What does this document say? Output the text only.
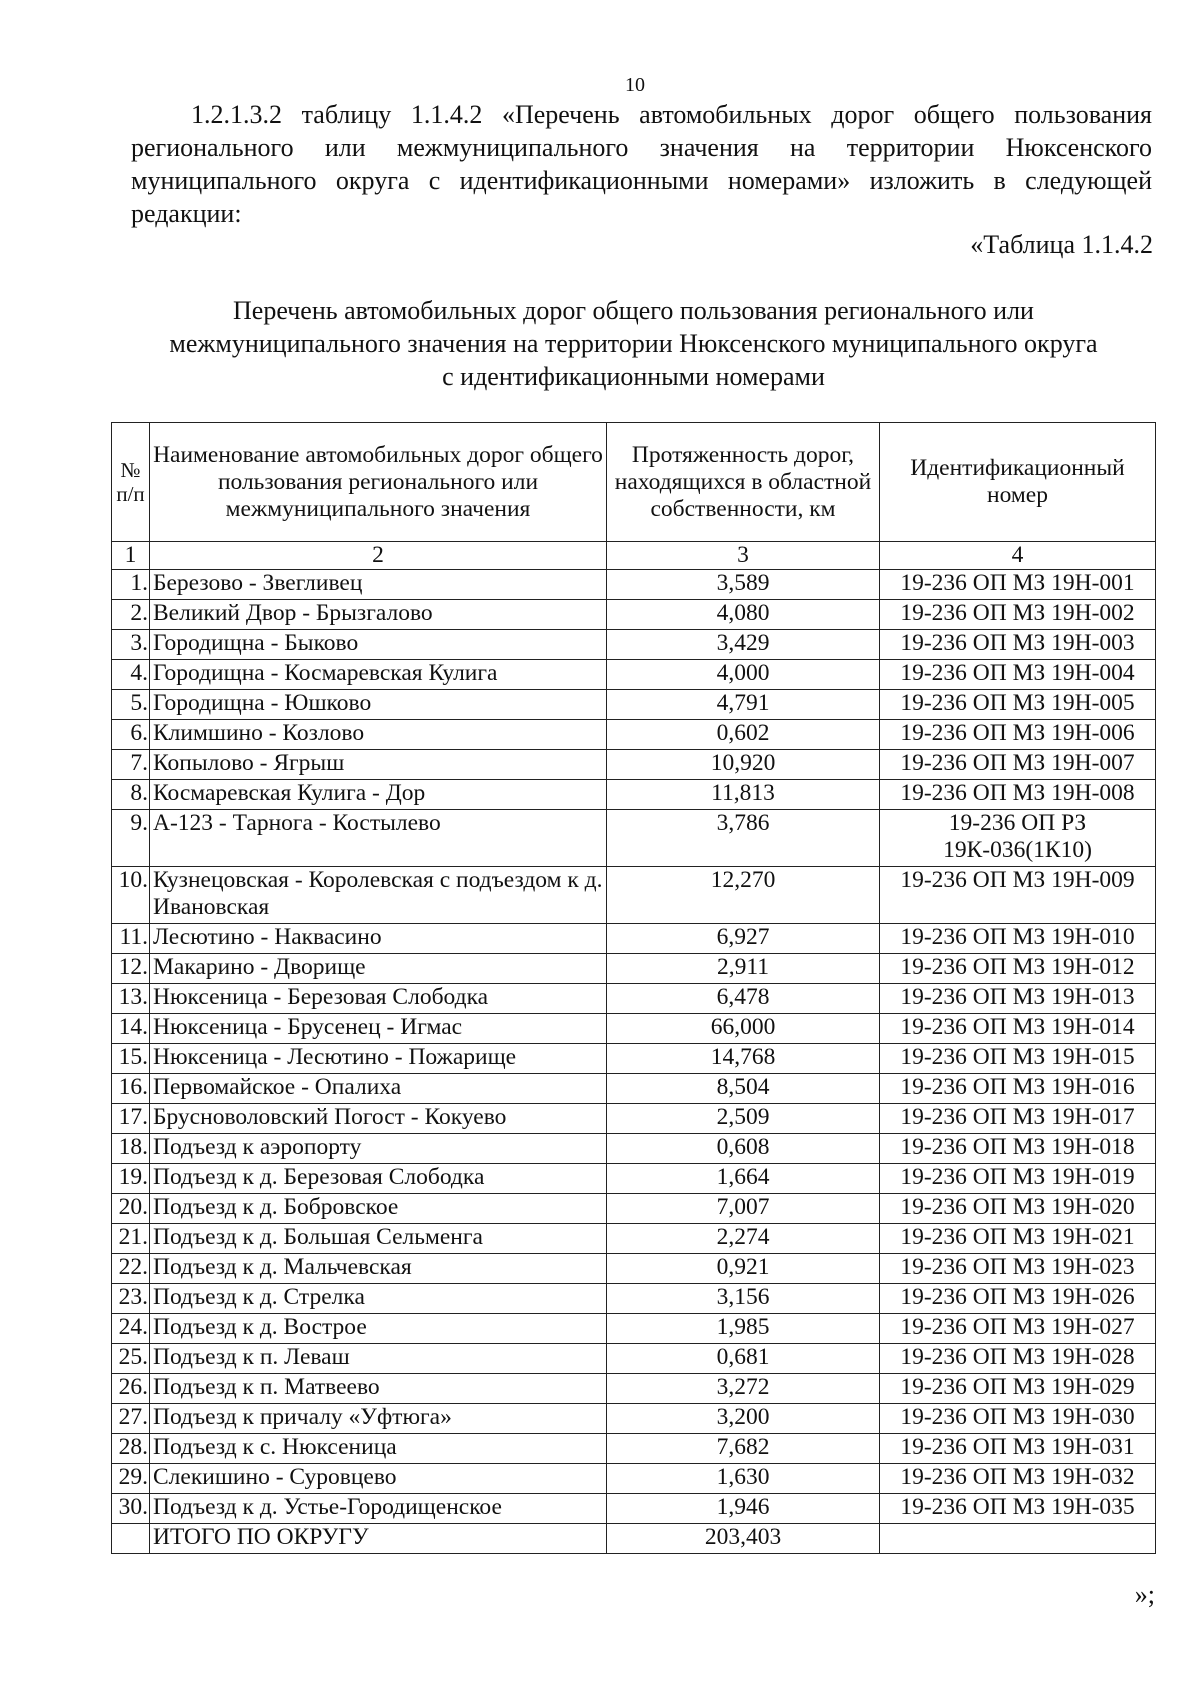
10
1.2.1.3.2 таблицу 1.1.4.2 «Перечень автомобильных дорог общего пользования регионального или межмуниципального значения на территории Нюксенского муниципального округа с идентификационными номерами» изложить в следующей редакции:
«Таблица 1.1.4.2
Перечень автомобильных дорог общего пользования регионального или
межмуниципального значения на территории Нюксенского муниципального округа
с идентификационными номерами
№ п/п	Наименование автомобильных дорог общего пользования регионального или межмуниципального значения	Протяженность дорог, находящихся в областной собственности, км	Идентификационный номер
1	2	3	4
1.	Березово - Звегливец	3,589	19-236 ОП МЗ 19Н-001
2.	Великий Двор - Брызгалово	4,080	19-236 ОП МЗ 19Н-002
3.	Городищна - Быково	3,429	19-236 ОП МЗ 19Н-003
4.	Городищна - Космаревская Кулига	4,000	19-236 ОП МЗ 19Н-004
5.	Городищна - Юшково	4,791	19-236 ОП МЗ 19Н-005
6.	Климшино - Козлово	0,602	19-236 ОП МЗ 19Н-006
7.	Копылово - Ягрыш	10,920	19-236 ОП МЗ 19Н-007
8.	Космаревская Кулига - Дор	11,813	19-236 ОП МЗ 19Н-008
9.	А-123 - Тарнога - Костылево	3,786	19-236 ОП РЗ 19К-036(1К10)
10.	Кузнецовская - Королевская с подъездом к д. Ивановская	12,270	19-236 ОП МЗ 19Н-009
11.	Лесютино - Наквасино	6,927	19-236 ОП МЗ 19Н-010
12.	Макарино - Дворище	2,911	19-236 ОП МЗ 19Н-012
13.	Нюксеница - Березовая Слободка	6,478	19-236 ОП МЗ 19Н-013
14.	Нюксеница - Брусенец - Игмас	66,000	19-236 ОП МЗ 19Н-014
15.	Нюксеница - Лесютино - Пожарище	14,768	19-236 ОП МЗ 19Н-015
16.	Первомайское - Опалиха	8,504	19-236 ОП МЗ 19Н-016
17.	Брусноволовский Погост - Кокуево	2,509	19-236 ОП МЗ 19Н-017
18.	Подъезд к аэропорту	0,608	19-236 ОП МЗ 19Н-018
19.	Подъезд к д. Березовая Слободка	1,664	19-236 ОП МЗ 19Н-019
20.	Подъезд к д. Бобровское	7,007	19-236 ОП МЗ 19Н-020
21.	Подъезд к д. Большая Сельменга	2,274	19-236 ОП МЗ 19Н-021
22.	Подъезд к д. Мальчевская	0,921	19-236 ОП МЗ 19Н-023
23.	Подъезд к д. Стрелка	3,156	19-236 ОП МЗ 19Н-026
24.	Подъезд к д. Вострое	1,985	19-236 ОП МЗ 19Н-027
25.	Подъезд к п. Леваш	0,681	19-236 ОП МЗ 19Н-028
26.	Подъезд к п. Матвеево	3,272	19-236 ОП МЗ 19Н-029
27.	Подъезд к причалу «Уфтюга»	3,200	19-236 ОП МЗ 19Н-030
28.	Подъезд к с. Нюксеница	7,682	19-236 ОП МЗ 19Н-031
29.	Слекишино - Суровцево	1,630	19-236 ОП МЗ 19Н-032
30.	Подъезд к д. Устье-Городищенское	1,946	19-236 ОП МЗ 19Н-035
	ИТОГО ПО ОКРУГУ	203,403	
»;
